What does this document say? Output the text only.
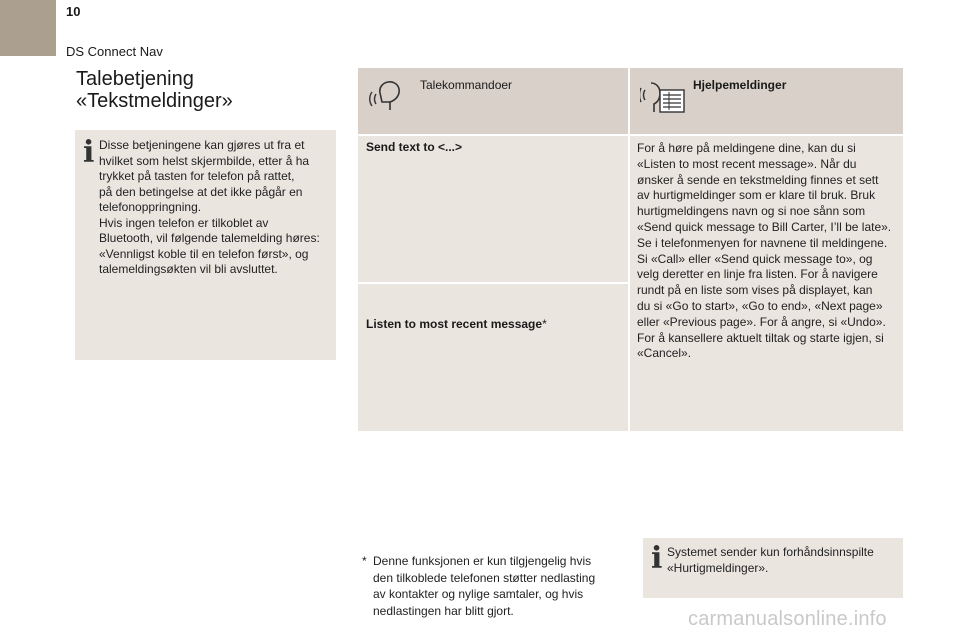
10
DS Connect Nav
Talebetjening
«Tekstmeldinger»
i Disse betjeningene kan gjøres ut fra et
hvilket som helst skjermbilde, etter å ha
trykket på tasten for telefon på rattet,
på den betingelse at det ikke pågår en
telefonoppringning.
Hvis ingen telefon er tilkoblet av
Bluetooth, vil følgende talemelding høres:
«Vennligst koble til en telefon først», og
talemeldingsøkten vil bli avsluttet.
Talekommandoer	Hjelpemeldinger
Send text to <...>
Listen to most recent message*
For å høre på meldingene dine, kan du si
«Listen to most recent message». Når du
ønsker å sende en tekstmelding finnes et sett
av hurtigmeldinger som er klare til bruk. Bruk
hurtigmeldingens navn og si noe sånn som
«Send quick message to Bill Carter, I’ll be late».
Se i telefonmenyen for navnene til meldingene.
Si «Call» eller «Send quick message to», og
velg deretter en linje fra listen. For å navigere
rundt på en liste som vises på displayet, kan
du si «Go to start», «Go to end», «Next page»
eller «Previous page». For å angre, si «Undo».
For å kansellere aktuelt tiltak og starte igjen, si
«Cancel».
* Denne funksjonen er kun tilgjengelig hvis
den tilkoblede telefonen støtter nedlasting
av kontakter og nylige samtaler, og hvis
nedlastingen har blitt gjort.
i Systemet sender kun forhåndsinnspilte
«Hurtigmeldinger».
carmanualsonline.info
